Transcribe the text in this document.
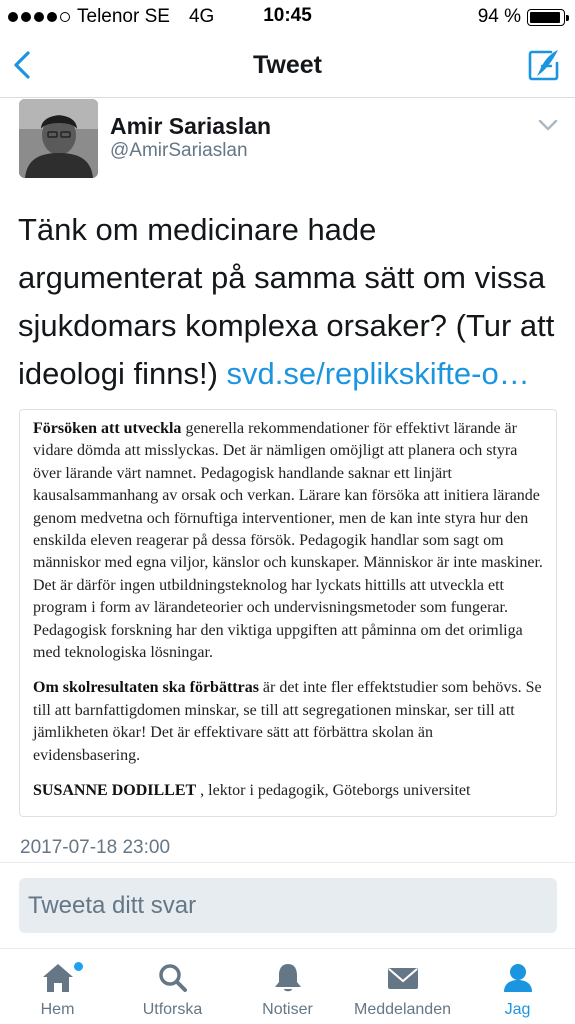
Telenor SE 4G	10:45	94 %
Tweet
Amir Sariaslan
@AmirSariaslan
Tänk om medicinare hade argumenterat på samma sätt om vissa sjukdomars komplexa orsaker? (Tur att ideologi finns!) svd.se/replikskifte-o…

Försöken att utveckla generella rekommendationer för effektivt lärande är vidare dömda att misslyckas. Det är nämligen omöjligt att planera och styra över lärande värt namnet. Pedagogisk handlande saknar ett linjärt kausalsammanhang av orsak och verkan. Lärare kan försöka att initiera lärande genom medvetna och förnuftiga interventioner, men de kan inte styra hur den enskilda eleven reagerar på dessa försök. Pedagogik handlar som sagt om människor med egna viljor, känslor och kunskaper. Människor är inte maskiner. Det är därför ingen utbildningsteknolog har lyckats hittills att utveckla ett program i form av lärandeteorier och undervisningsmetoder som fungerar. Pedagogisk forskning har den viktiga uppgiften att påminna om det orimliga med teknologiska lösningar.

Om skolresultaten ska förbättras är det inte fler effektstudier som behövs. Se till att barnfattigdomen minskar, se till att segregationen minskar, ser till att jämlikheten ökar! Det är effektivare sätt att förbättra skolan än evidensbasering.

SUSANNE DODILLET , lektor i pedagogik, Göteborgs universitet

2017-07-18 23:00
Tweeta ditt svar
Hem	Utforska	Notiser	Meddelanden	Jag
